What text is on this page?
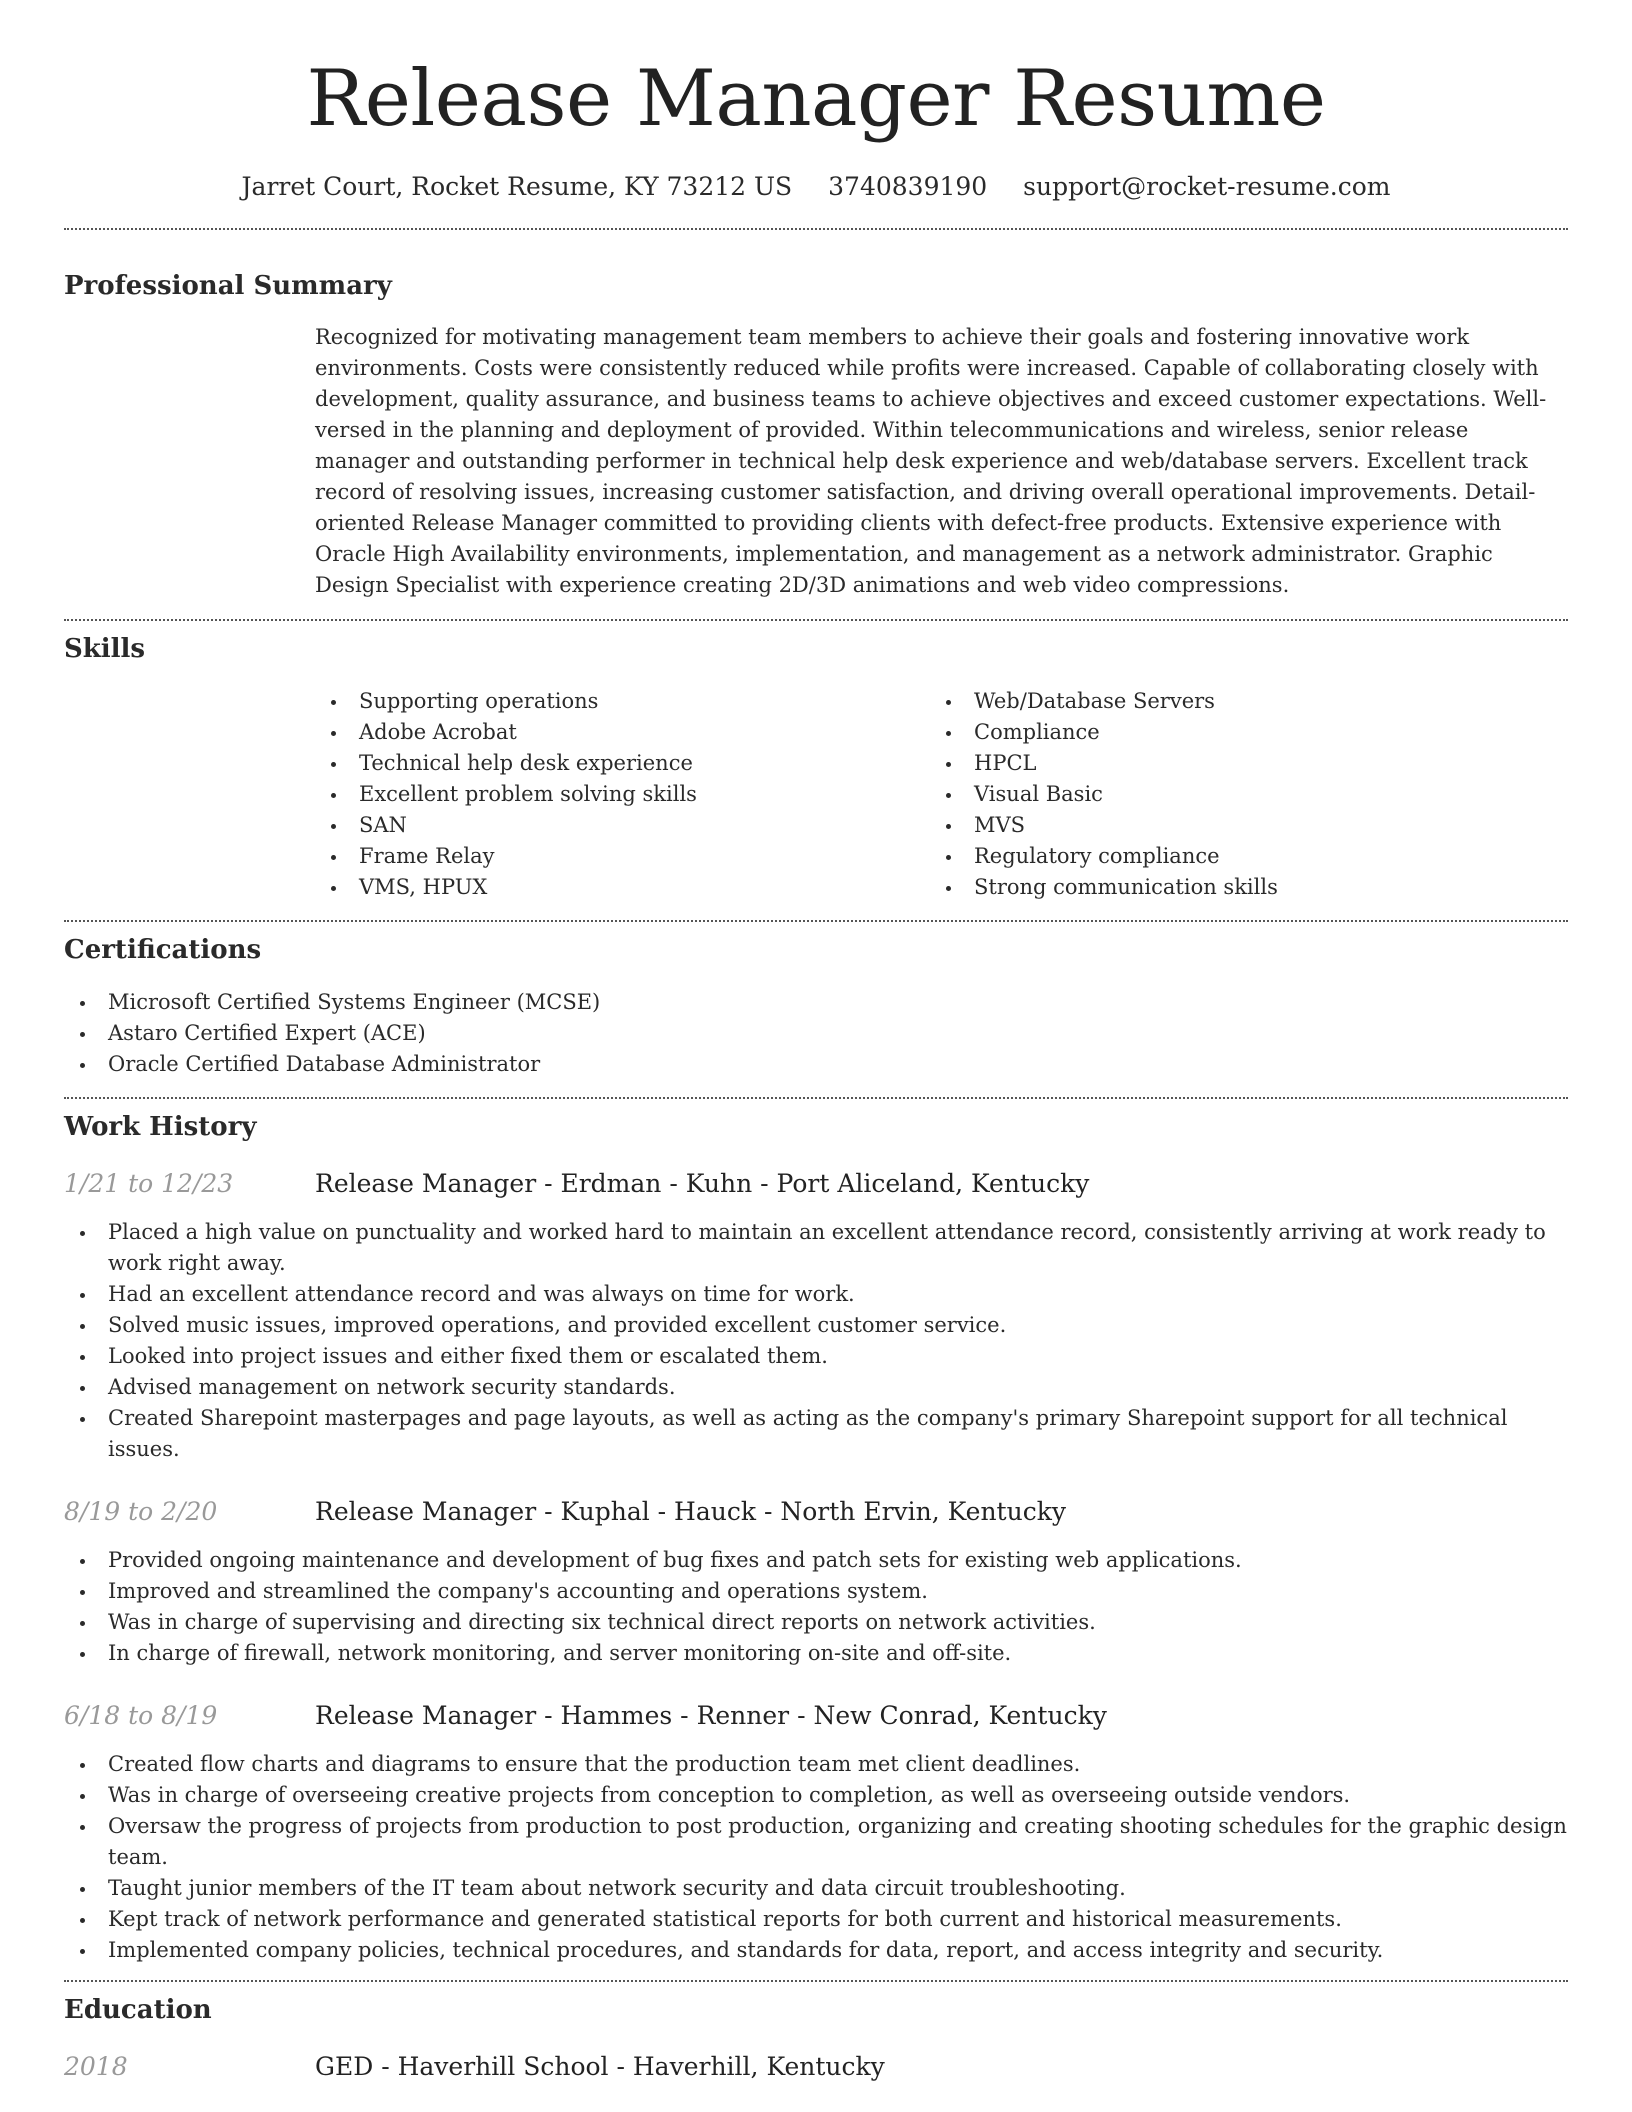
Release Manager Resume
Jarret Court, Rocket Resume, KY 73212 US 3740839190 support@rocket-resume.com
Professional Summary
Recognized for motivating management team members to achieve their goals and fostering innovative work environments. Costs were consistently reduced while profits were increased. Capable of collaborating closely with development, quality assurance, and business teams to achieve objectives and exceed customer expectations. Well-versed in the planning and deployment of provided. Within telecommunications and wireless, senior release manager and outstanding performer in technical help desk experience and web/database servers. Excellent track record of resolving issues, increasing customer satisfaction, and driving overall operational improvements. Detail-oriented Release Manager committed to providing clients with defect-free products. Extensive experience with Oracle High Availability environments, implementation, and management as a network administrator. Graphic Design Specialist with experience creating 2D/3D animations and web video compressions.
Skills
Supporting operations
Adobe Acrobat
Technical help desk experience
Excellent problem solving skills
SAN
Frame Relay
VMS, HPUX
Web/Database Servers
Compliance
HPCL
Visual Basic
MVS
Regulatory compliance
Strong communication skills
Certifications
Microsoft Certified Systems Engineer (MCSE)
Astaro Certified Expert (ACE)
Oracle Certified Database Administrator
Work History
1/21 to 12/23	Release Manager - Erdman - Kuhn - Port Aliceland, Kentucky
Placed a high value on punctuality and worked hard to maintain an excellent attendance record, consistently arriving at work ready to work right away.
Had an excellent attendance record and was always on time for work.
Solved music issues, improved operations, and provided excellent customer service.
Looked into project issues and either fixed them or escalated them.
Advised management on network security standards.
Created Sharepoint masterpages and page layouts, as well as acting as the company's primary Sharepoint support for all technical issues.
8/19 to 2/20	Release Manager - Kuphal - Hauck - North Ervin, Kentucky
Provided ongoing maintenance and development of bug fixes and patch sets for existing web applications.
Improved and streamlined the company's accounting and operations system.
Was in charge of supervising and directing six technical direct reports on network activities.
In charge of firewall, network monitoring, and server monitoring on-site and off-site.
6/18 to 8/19	Release Manager - Hammes - Renner - New Conrad, Kentucky
Created flow charts and diagrams to ensure that the production team met client deadlines.
Was in charge of overseeing creative projects from conception to completion, as well as overseeing outside vendors.
Oversaw the progress of projects from production to post production, organizing and creating shooting schedules for the graphic design team.
Taught junior members of the IT team about network security and data circuit troubleshooting.
Kept track of network performance and generated statistical reports for both current and historical measurements.
Implemented company policies, technical procedures, and standards for data, report, and access integrity and security.
Education
2018	GED - Haverhill School - Haverhill, Kentucky
